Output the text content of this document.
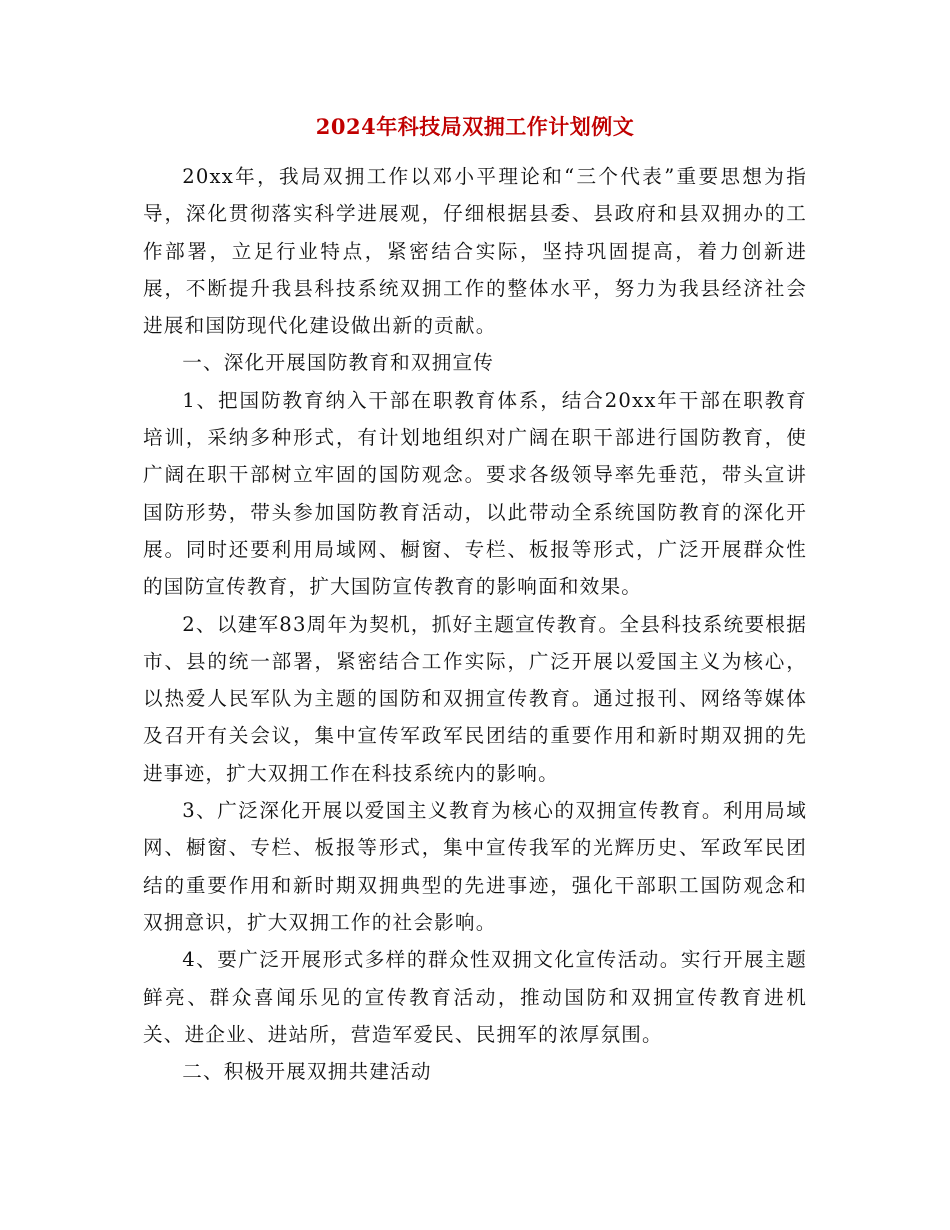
2024年科技局双拥工作计划例文

20xx年，我局双拥工作以邓小平理论和“三个代表”重要思想为指导，深化贯彻落实科学进展观，仔细根据县委、县政府和县双拥办的工作部署，立足行业特点，紧密结合实际，坚持巩固提高，着力创新进展，不断提升我县科技系统双拥工作的整体水平，努力为我县经济社会进展和国防现代化建设做出新的贡献。

一、深化开展国防教育和双拥宣传

1、把国防教育纳入干部在职教育体系，结合20xx年干部在职教育培训，采纳多种形式，有计划地组织对广阔在职干部进行国防教育，使广阔在职干部树立牢固的国防观念。要求各级领导率先垂范，带头宣讲国防形势，带头参加国防教育活动，以此带动全系统国防教育的深化开展。同时还要利用局域网、橱窗、专栏、板报等形式，广泛开展群众性的国防宣传教育，扩大国防宣传教育的影响面和效果。

2、以建军83周年为契机，抓好主题宣传教育。全县科技系统要根据市、县的统一部署，紧密结合工作实际，广泛开展以爱国主义为核心，以热爱人民军队为主题的国防和双拥宣传教育。通过报刊、网络等媒体及召开有关会议，集中宣传军政军民团结的重要作用和新时期双拥的先进事迹，扩大双拥工作在科技系统内的影响。

3、广泛深化开展以爱国主义教育为核心的双拥宣传教育。利用局域网、橱窗、专栏、板报等形式，集中宣传我军的光辉历史、军政军民团结的重要作用和新时期双拥典型的先进事迹，强化干部职工国防观念和双拥意识，扩大双拥工作的社会影响。

4、要广泛开展形式多样的群众性双拥文化宣传活动。实行开展主题鲜亮、群众喜闻乐见的宣传教育活动，推动国防和双拥宣传教育进机关、进企业、进站所，营造军爱民、民拥军的浓厚氛围。

二、积极开展双拥共建活动
